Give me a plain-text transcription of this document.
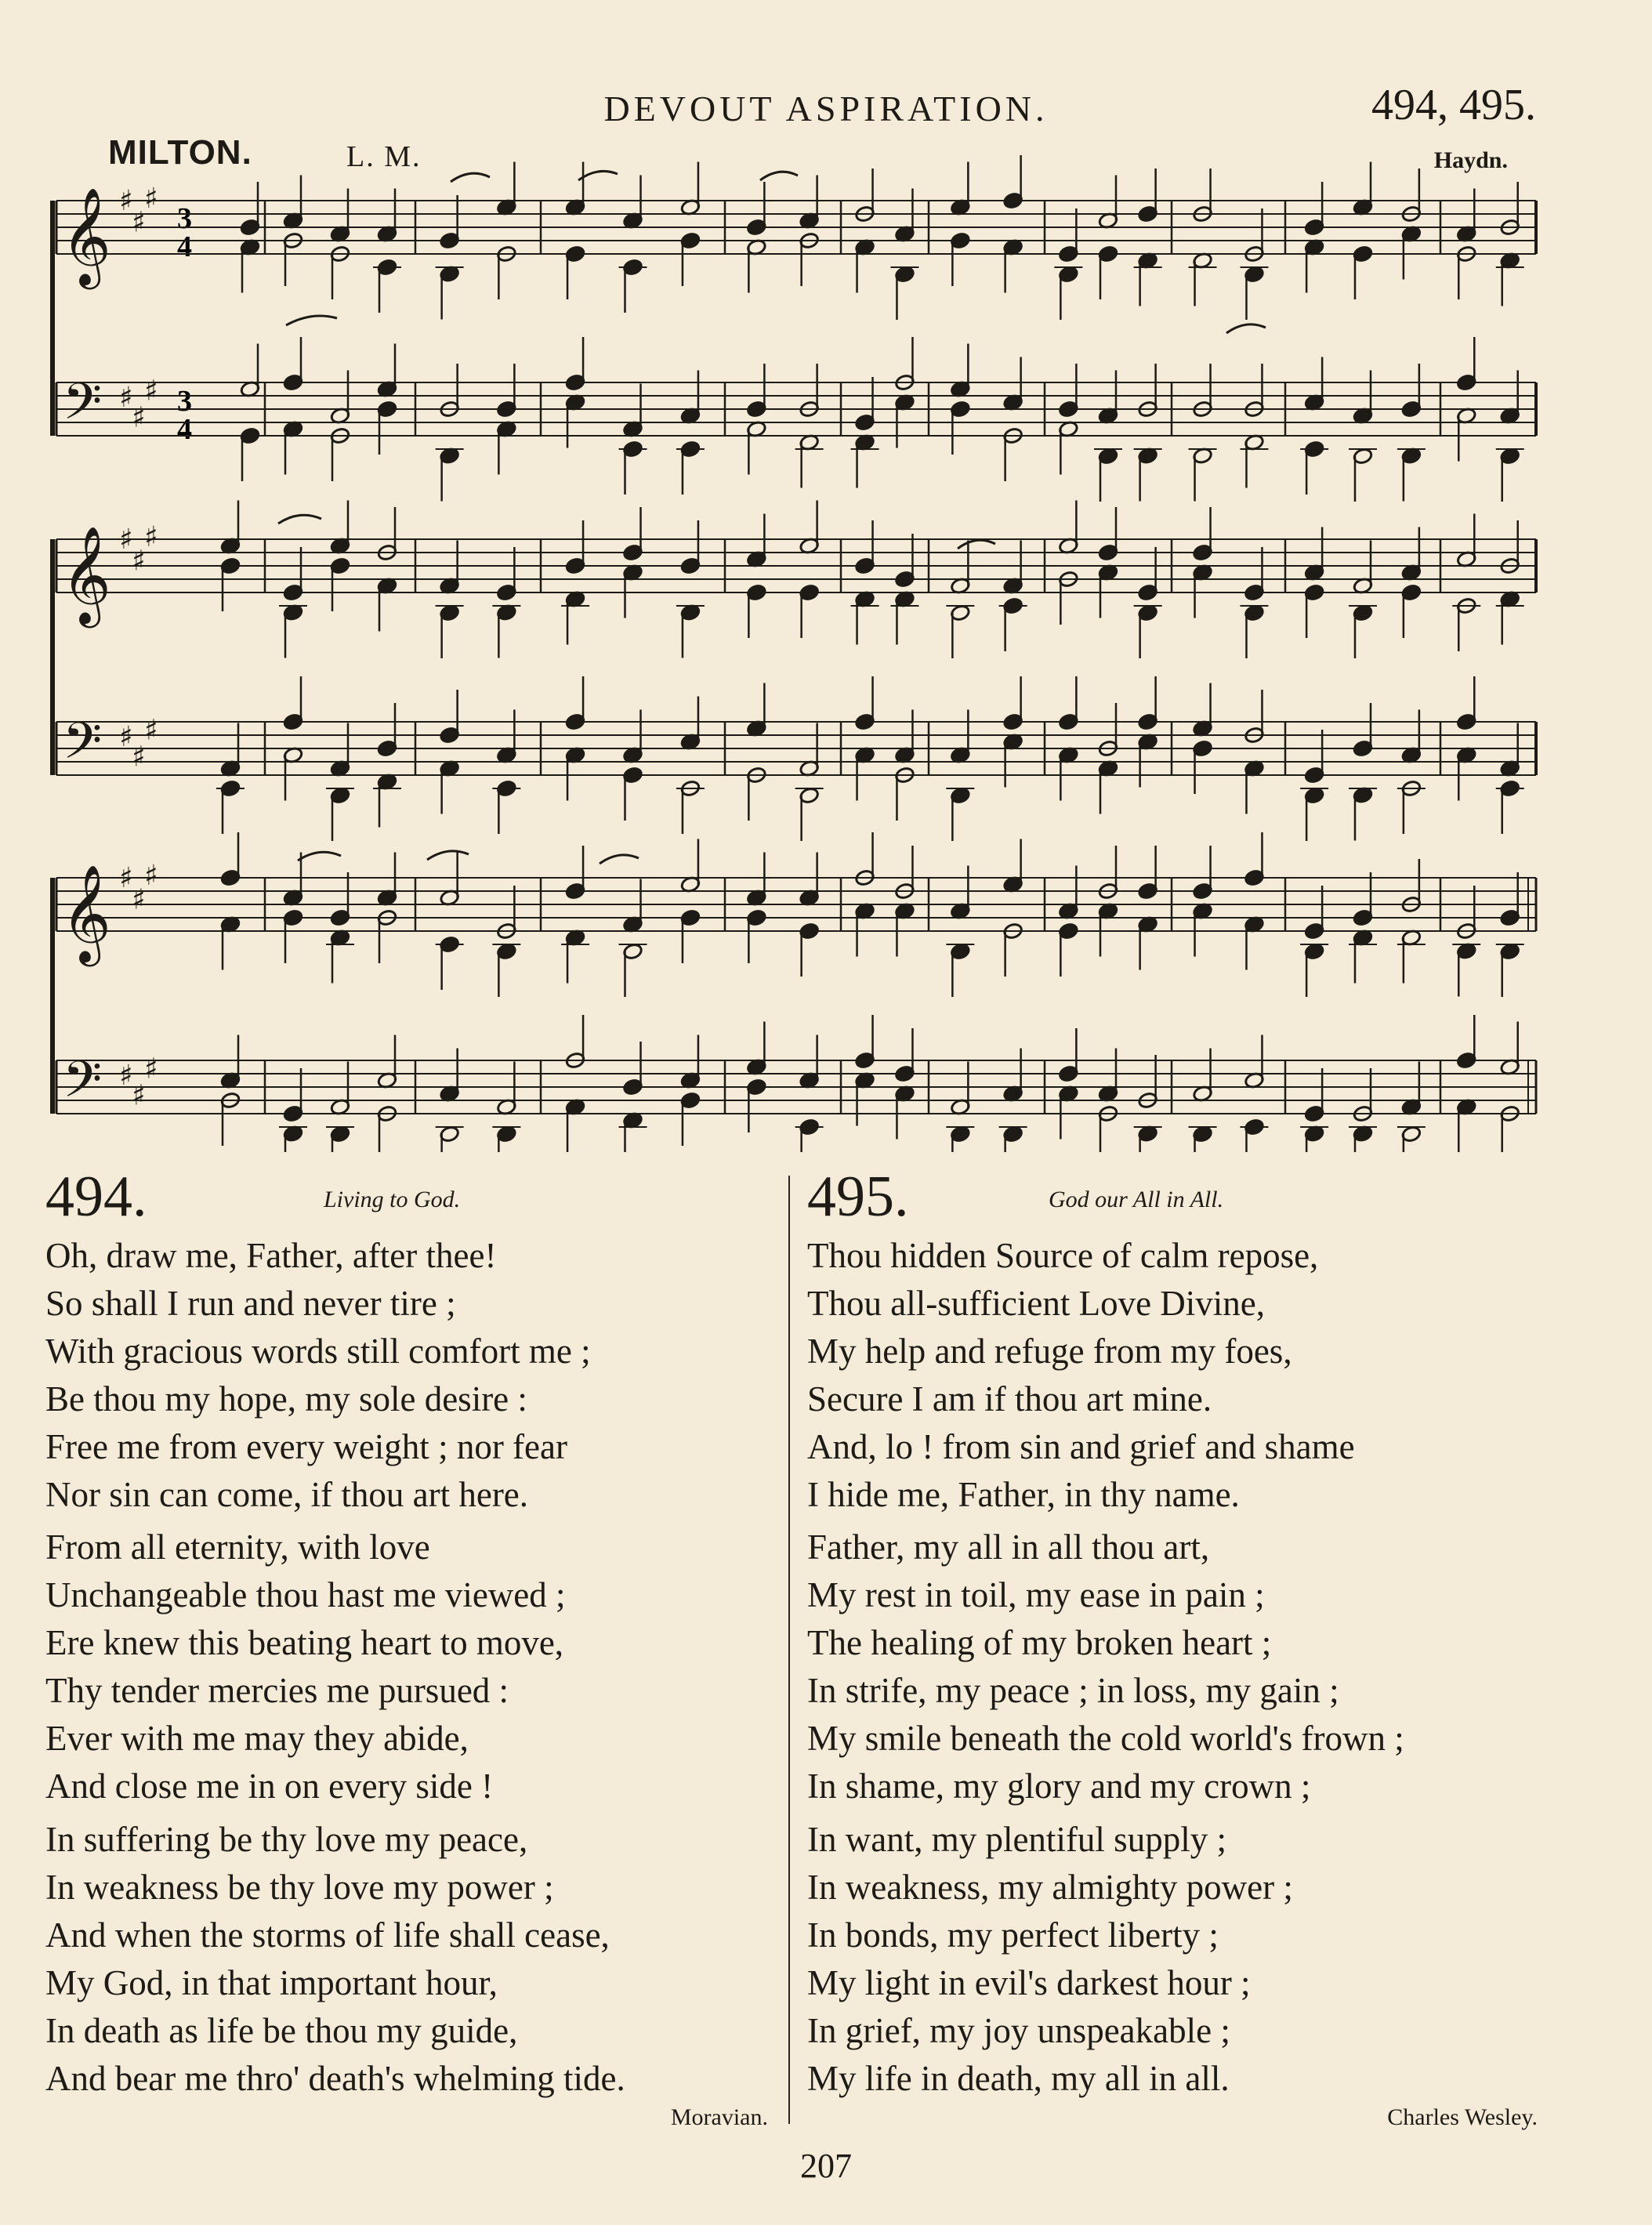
DEVOUT ASPIRATION.	494, 495.
MILTON.	L. M.	Haydn.
3
4
3
4
𝄞 ♯
♯
♯
𝄢 ♯
♯
♯
𝄞 ♯
♯
♯
𝄢 ♯
♯
♯
𝄞 ♯
♯
♯
𝄢 ♯
♯
♯
494.	Living to God.
Oh, draw me, Father, after thee!
So shall I run and never tire ;
With gracious words still comfort me ;
Be thou my hope, my sole desire :
Free me from every weight ; nor fear
Nor sin can come, if thou art here.
From all eternity, with love
Unchangeable thou hast me viewed ;
Ere knew this beating heart to move,
Thy tender mercies me pursued :
Ever with me may they abide,
And close me in on every side !
In suffering be thy love my peace,
In weakness be thy love my power ;
And when the storms of life shall cease,
My God, in that important hour,
In death as life be thou my guide,
And bear me thro' death's whelming tide.
495.	God our All in All.
Thou hidden Source of calm repose,
Thou all-sufficient Love Divine,
My help and refuge from my foes,
Secure I am if thou art mine.
And, lo ! from sin and grief and shame
I hide me, Father, in thy name.
Father, my all in all thou art,
My rest in toil, my ease in pain ;
The healing of my broken heart ;
In strife, my peace ; in loss, my gain ;
My smile beneath the cold world's frown ;
In shame, my glory and my crown ;
In want, my plentiful supply ;
In weakness, my almighty power ;
In bonds, my perfect liberty ;
My light in evil's darkest hour ;
In grief, my joy unspeakable ;
My life in death, my all in all.
Moravian.	Charles Wesley.
207
